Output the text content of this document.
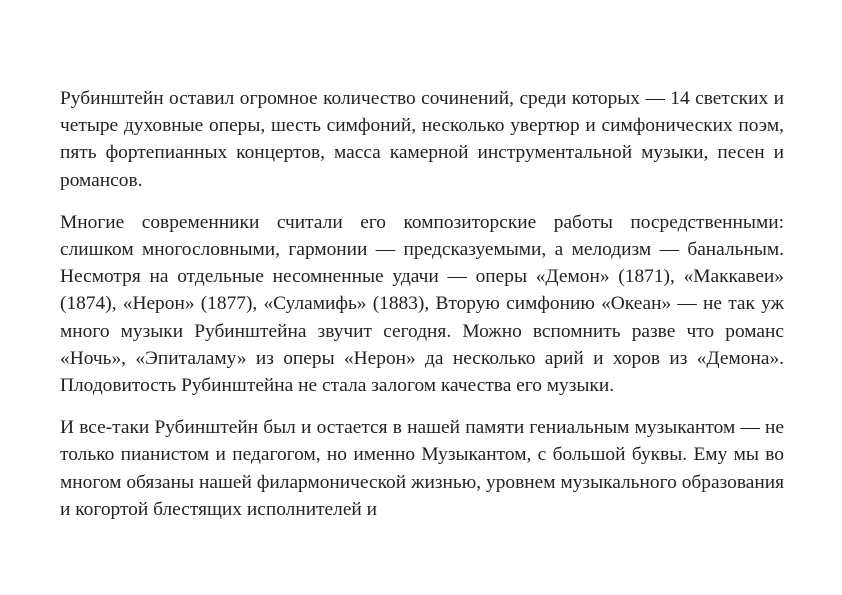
Рубинштейн оставил огромное количество сочинений, среди которых — 14 светских и четыре духовные оперы, шесть симфоний, несколько увертюр и симфонических поэм, пять фортепианных концертов, масса камерной инструментальной музыки, песен и романсов.

Многие современники считали его композиторские работы посредственными: слишком многословными, гармонии — предсказуемыми, а мелодизм — банальным. Несмотря на отдельные несомненные удачи — оперы «Демон» (1871), «Маккавеи» (1874), «Нерон» (1877), «Суламифь» (1883), Вторую симфонию «Океан» — не так уж много музыки Рубинштейна звучит сегодня. Можно вспомнить разве что романс «Ночь», «Эпиталаму» из оперы «Нерон» да несколько арий и хоров из «Демона». Плодовитость Рубинштейна не стала залогом качества его музыки.

И все-таки Рубинштейн был и остается в нашей памяти гениальным музыкантом — не только пианистом и педагогом, но именно Музыкантом, с большой буквы. Ему мы во многом обязаны нашей филармонической жизнью, уровнем музыкального образования и когортой блестящих исполнителей и
